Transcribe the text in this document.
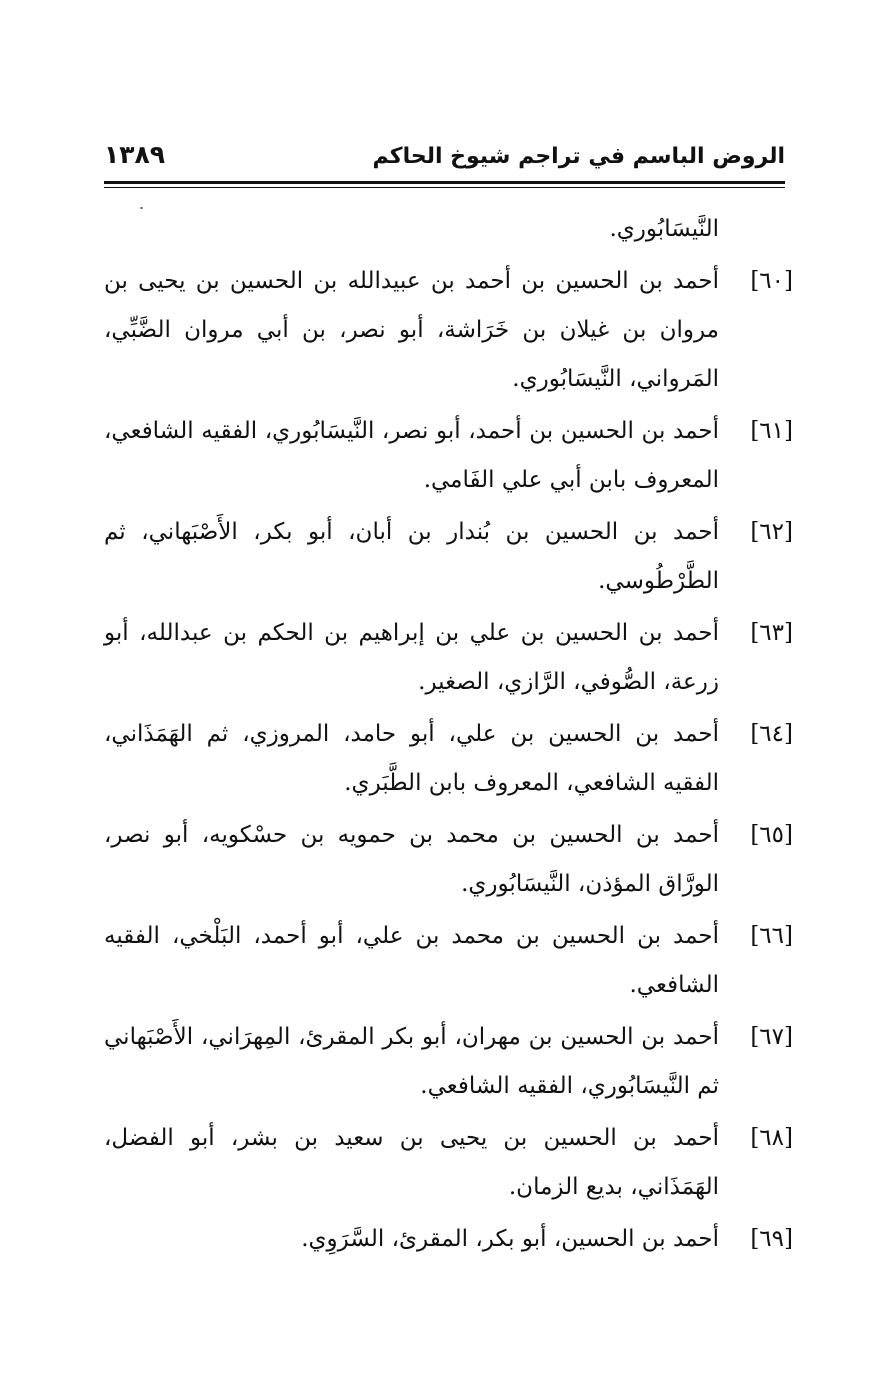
الروض الباسم في تراجم شيوخ الحاكم
١٣٨٩
النَّيسَابُوري.
[٦٠]
أحمد بن الحسين بن أحمد بن عبيدالله بن الحسين بن يحيى بن مروان بن غيلان بن خَرَاشة، أبو نصر، بن أبي مروان الضَّبِّي، المَرواني، النَّيسَابُوري.
[٦١]
أحمد بن الحسين بن أحمد، أبو نصر، النَّيسَابُوري، الفقيه الشافعي، المعروف بابن أبي علي الفَامي.
[٦٢]
أحمد بن الحسين بن بُندار بن أبان، أبو بكر، الأَصْبَهاني، ثم الطَّرْطُوسي.
[٦٣]
أحمد بن الحسين بن علي بن إبراهيم بن الحكم بن عبدالله، أبو زرعة، الصُّوفي، الرَّازي، الصغير.
[٦٤]
أحمد بن الحسين بن علي، أبو حامد، المروزي، ثم الهَمَذَاني، الفقيه الشافعي، المعروف بابن الطَّبَري.
[٦٥]
أحمد بن الحسين بن محمد بن حمويه بن حسْكويه، أبو نصر، الورَّاق المؤذن، النَّيسَابُوري.
[٦٦]
أحمد بن الحسين بن محمد بن علي، أبو أحمد، البَلْخي، الفقيه الشافعي.
[٦٧]
أحمد بن الحسين بن مهران، أبو بكر المقرئ، المِهرَاني، الأَصْبَهاني ثم النَّيسَابُوري، الفقيه الشافعي.
[٦٨]
أحمد بن الحسين بن يحيى بن سعيد بن بشر، أبو الفضل، الهَمَذَاني، بديع الزمان.
[٦٩]
أحمد بن الحسين، أبو بكر، المقرئ، السَّرَوِي.
